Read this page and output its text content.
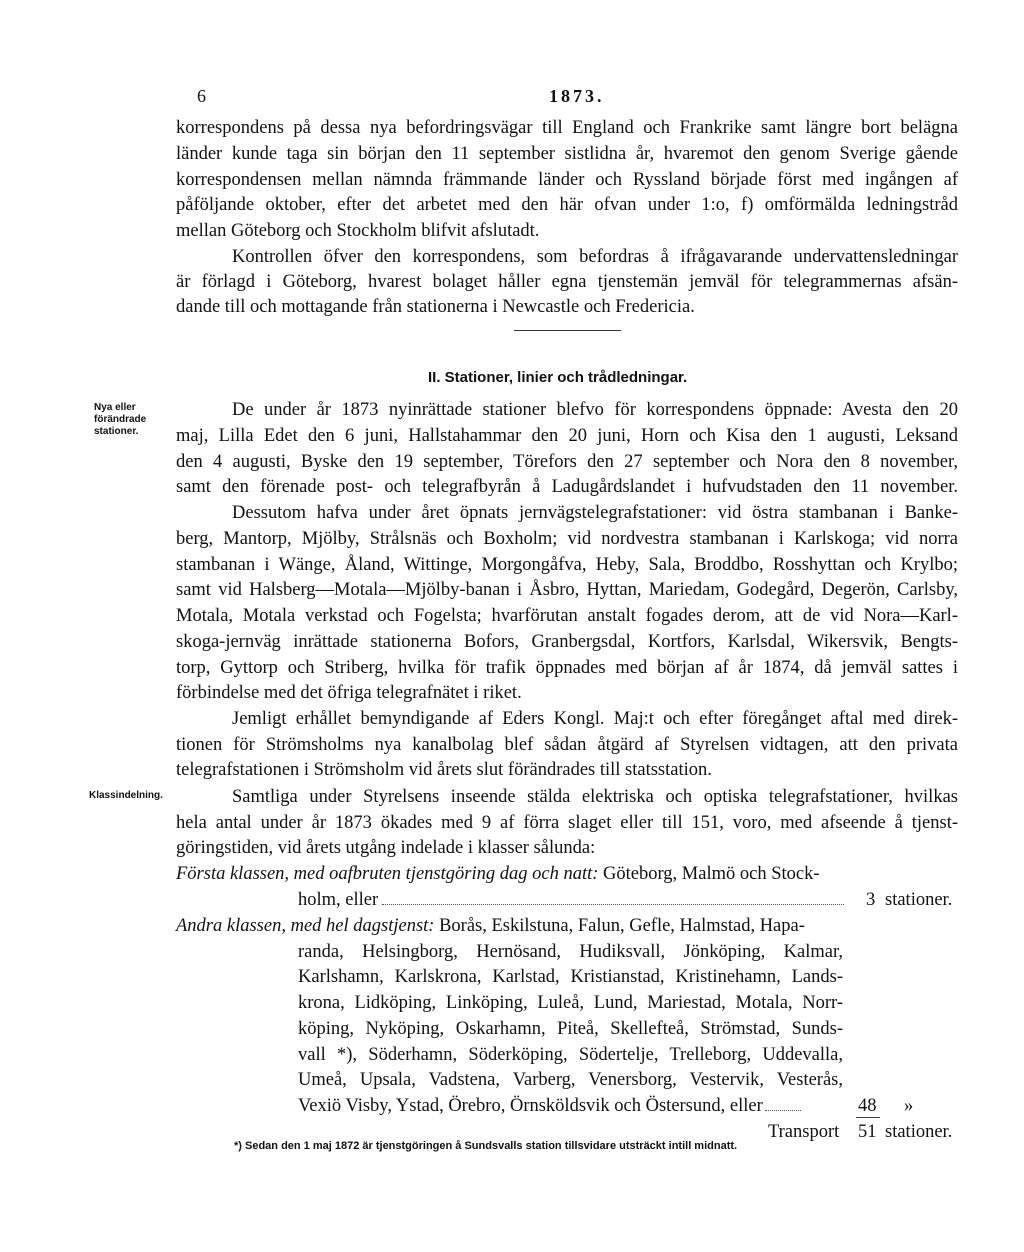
6	1873.
korrespondens på dessa nya befordringsvägar till England och Frankrike samt längre bort belägna
länder kunde taga sin början den 11 september sistlidna år, hvaremot den genom Sverige gående
korrespondensen mellan nämnda främmande länder och Ryssland började först med ingången af
påföljande oktober, efter det arbetet med den här ofvan under 1:o, f) omförmälda ledningstråd
mellan Göteborg och Stockholm blifvit afslutadt.
Kontrollen öfver den korrespondens, som befordras å ifrågavarande undervattensledningar
är förlagd i Göteborg, hvarest bolaget håller egna tjenstemän jemväl för telegrammernas afsän-
dande till och mottagande från stationerna i Newcastle och Fredericia.
II. Stationer, linier och trådledningar.
Nya eller
förändrade
stationer.
De under år 1873 nyinrättade stationer blefvo för korrespondens öppnade: Avesta den 20
maj, Lilla Edet den 6 juni, Hallstahammar den 20 juni, Horn och Kisa den 1 augusti, Leksand
den 4 augusti, Byske den 19 september, Törefors den 27 september och Nora den 8 november,
samt den förenade post- och telegrafbyrån å Ladugårdslandet i hufvudstaden den 11 november.
Dessutom hafva under året öpnats jernvägstelegrafstationer: vid östra stambanan i Banke-
berg, Mantorp, Mjölby, Strålsnäs och Boxholm; vid nordvestra stambanan i Karlskoga; vid norra
stambanan i Wänge, Åland, Wittinge, Morgongåfva, Heby, Sala, Broddbo, Rosshyttan och Krylbo;
samt vid Halsberg—Motala—Mjölby-banan i Åsbro, Hyttan, Mariedam, Godegård, Degerön, Carlsby,
Motala, Motala verkstad och Fogelsta; hvarförutan anstalt fogades derom, att de vid Nora—Karl-
skoga-jernväg inrättade stationerna Bofors, Granbergsdal, Kortfors, Karlsdal, Wikersvik, Bengts-
torp, Gyttorp och Striberg, hvilka för trafik öppnades med början af år 1874, då jemväl sattes i
förbindelse med det öfriga telegrafnätet i riket.
Jemligt erhållet bemyndigande af Eders Kongl. Maj:t och efter föregånget aftal med direk-
tionen för Strömsholms nya kanalbolag blef sådan åtgärd af Styrelsen vidtagen, att den privata
telegrafstationen i Strömsholm vid årets slut förändrades till statsstation.
Klassindelning.	Samtliga under Styrelsens inseende stälda elektriska och optiska telegrafstationer, hvilkas
hela antal under år 1873 ökades med 9 af förra slaget eller till 151, voro, med afseende å tjenst-
göringstiden, vid årets utgång indelade i klasser sålunda:
Första klassen, med oafbruten tjenstgöring dag och natt: Göteborg, Malmö och Stock-
holm, eller	3 stationer.
Andra klassen, med hel dagstjenst: Borås, Eskilstuna, Falun, Gefle, Halmstad, Hapa-
randa, Helsingborg, Hernösand, Hudiksvall, Jönköping, Kalmar,
Karlshamn, Karlskrona, Karlstad, Kristianstad, Kristinehamn, Lands-
krona, Lidköping, Linköping, Luleå, Lund, Mariestad, Motala, Norr-
köping, Nyköping, Oskarhamn, Piteå, Skellefteå, Strömstad, Sunds-
vall *), Söderhamn, Söderköping, Södertelje, Trelleborg, Uddevalla,
Umeå, Upsala, Vadstena, Varberg, Venersborg, Vestervik, Vesterås,
Vexiö Visby, Ystad, Örebro, Örnsköldsvik och Östersund, eller	48 »
Transport 51 stationer.
*) Sedan den 1 maj 1872 är tjenstgöringen å Sundsvalls station tillsvidare utsträckt intill midnatt.
